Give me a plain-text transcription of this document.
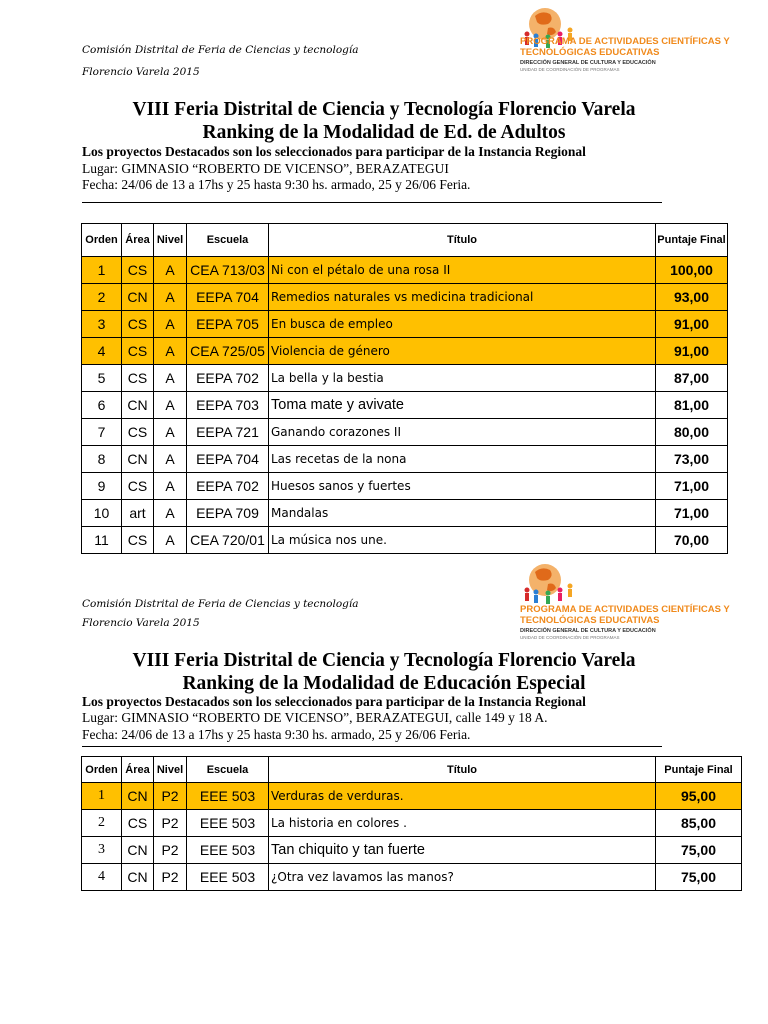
Comisión Distrital de Feria de Ciencias y tecnología
Florencio Varela 2015
PROGRAMA DE ACTIVIDADES CIENTÍFICAS Y
TECNOLÓGICAS EDUCATIVAS
DIRECCIÓN GENERAL DE CULTURA Y EDUCACIÓN
UNIDAD DE COORDINACIÓN DE PROGRAMAS
VIII Feria Distrital de Ciencia y Tecnología Florencio Varela
Ranking de la Modalidad de Ed. de Adultos
Los proyectos Destacados son los seleccionados para participar de la Instancia Regional
Lugar: GIMNASIO “ROBERTO DE VICENSO”, BERAZATEGUI
Fecha: 24/06 de 13 a 17hs y 25 hasta 9:30 hs. armado, 25 y 26/06 Feria.
Orden	Área	Nivel	Escuela	Título	Puntaje Final
1	CS	A	CEA 713/03	Ni con el pétalo de una rosa II	100,00
2	CN	A	EEPA 704	Remedios naturales vs medicina tradicional	93,00
3	CS	A	EEPA 705	En busca de empleo	91,00
4	CS	A	CEA 725/05	Violencia de género	91,00
5	CS	A	EEPA 702	La bella y la bestia	87,00
6	CN	A	EEPA 703	Toma mate y avivate	81,00
7	CS	A	EEPA 721	Ganando corazones II	80,00
8	CN	A	EEPA 704	Las recetas de la nona	73,00
9	CS	A	EEPA 702	Huesos sanos y fuertes	71,00
10	art	A	EEPA 709	Mandalas	71,00
11	CS	A	CEA 720/01	La música nos une.	70,00
Comisión Distrital de Feria de Ciencias y tecnología
Florencio Varela 2015
PROGRAMA DE ACTIVIDADES CIENTÍFICAS Y
TECNOLÓGICAS EDUCATIVAS
DIRECCIÓN GENERAL DE CULTURA Y EDUCACIÓN
UNIDAD DE COORDINACIÓN DE PROGRAMAS
VIII Feria Distrital de Ciencia y Tecnología Florencio Varela
Ranking de la Modalidad de Educación Especial
Los proyectos Destacados son los seleccionados para participar de la Instancia Regional
Lugar: GIMNASIO “ROBERTO DE VICENSO”, BERAZATEGUI, calle 149 y 18 A.
Fecha: 24/06 de 13 a 17hs y 25 hasta 9:30 hs. armado, 25 y 26/06 Feria.
Orden	Área	Nivel	Escuela	Título	Puntaje Final
1	CN	P2	EEE 503	Verduras de verduras.	95,00
2	CS	P2	EEE 503	La historia en colores .	85,00
3	CN	P2	EEE 503	Tan chiquito y tan fuerte	75,00
4	CN	P2	EEE 503	¿Otra vez lavamos las manos?	75,00
